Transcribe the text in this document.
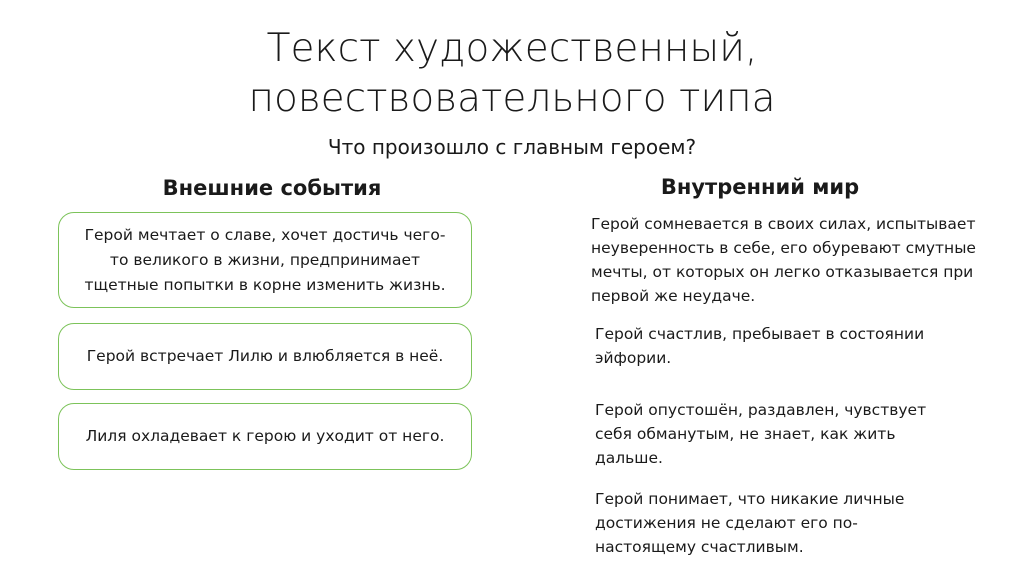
Текст художественный,
повествовательного типа
Что произошло с главным героем?
Внешние события	Внутренний мир
Герой мечтает о славе, хочет достичь чего-то великого в жизни, предпринимает тщетные попытки в корне изменить жизнь.
Герой встречает Лилю и влюбляется в неё.
Лиля охладевает к герою и уходит от него.
Герой сомневается в своих силах, испытывает неуверенность в себе, его обуревают смутные мечты, от которых он легко отказывается при первой же неудаче.
Герой счастлив, пребывает в состоянии эйфории.
Герой опустошён, раздавлен, чувствует себя обманутым, не знает, как жить дальше.
Герой понимает, что никакие личные достижения не сделают его по-настоящему счастливым.
